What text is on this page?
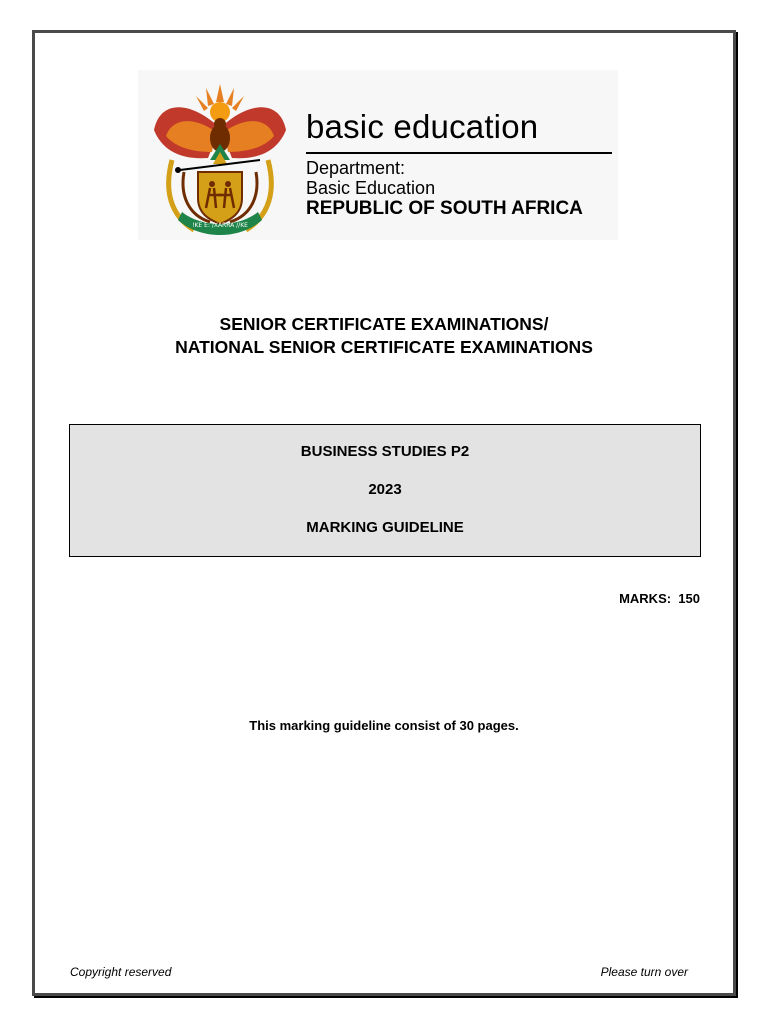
!KE E: /XARRA //KE
basic education
Department:
Basic Education
REPUBLIC OF SOUTH AFRICA
SENIOR CERTIFICATE EXAMINATIONS/
NATIONAL SENIOR CERTIFICATE EXAMINATIONS
BUSINESS STUDIES P2
2023
MARKING GUIDELINE
MARKS:  150
This marking guideline consist of 30 pages.
Copyright reserved	Please turn over
